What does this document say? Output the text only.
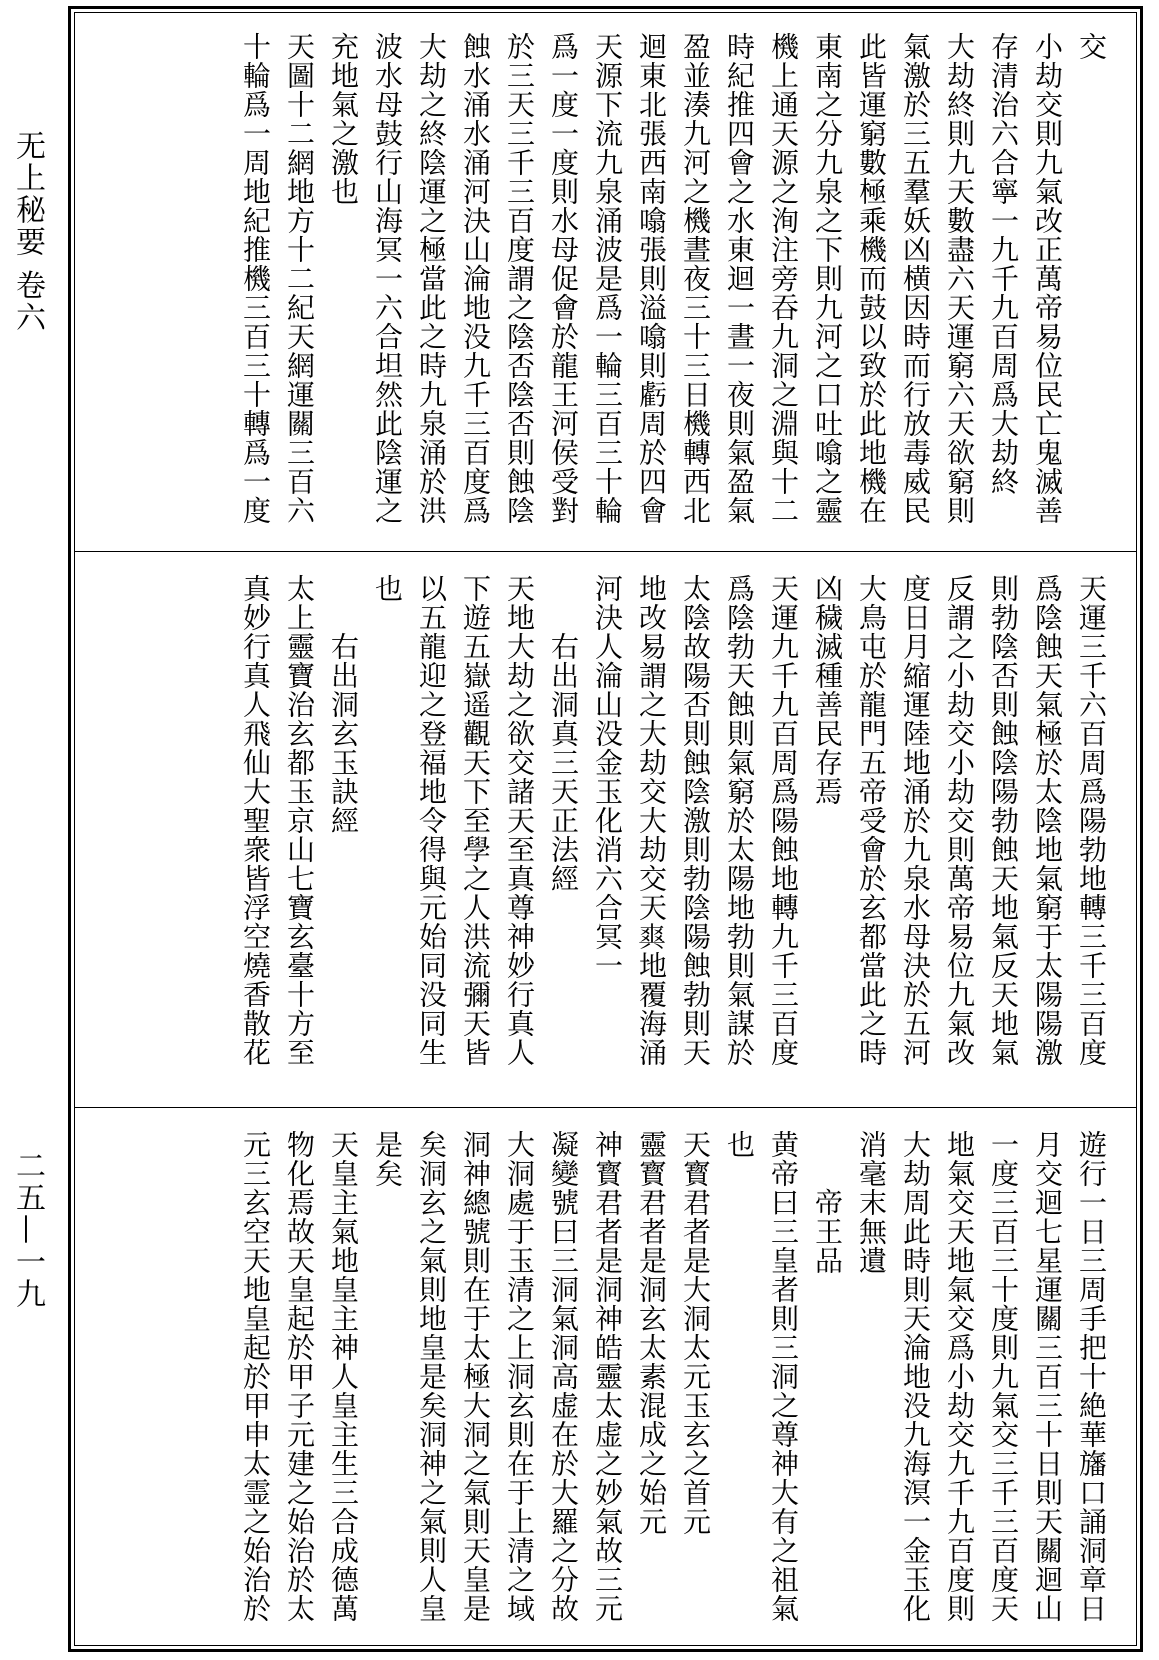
无上秘要 卷六
二五—一九
交
小劫交則九氣改正萬帝易位民亡鬼滅善
存清治六合寧一九千九百周爲大劫終
大劫終則九天數盡六天運窮六天欲窮則
氣激於三五羣妖凶横因時而行放毒威民
此皆運窮數極乘機而鼓以致於此地機在
東南之分九泉之下則九河之口吐噏之靈
機上通天源之洵注旁吞九洞之淵與十二
時紀推四會之水東迴一晝一夜則氣盈氣
盈並湊九河之機晝夜三十三日機轉西北
迴東北張西南噏張則溢噏則虧周於四會
天源下流九泉涌波是爲一輪三百三十輪
爲一度一度則水母促會於龍王河侯受對
於三天三千三百度謂之陰否陰否則蝕陰
蝕水涌水涌河決山淪地没九千三百度爲
大劫之終陰運之極當此之時九泉涌於洪
波水母鼓行山海冥一六合坦然此陰運之
充地氣之激也
天圖十二網地方十二紀天網運關三百六
十輪爲一周地紀推機三百三十轉爲一度
天運三千六百周爲陽勃地轉三千三百度
爲陰蝕天氣極於太陰地氣窮于太陽陽激
則勃陰否則蝕陰陽勃蝕天地氣反天地氣
反謂之小劫交小劫交則萬帝易位九氣改
度日月縮運陸地涌於九泉水母決於五河
大鳥屯於龍門五帝受會於玄都當此之時
凶穢滅種善民存焉
天運九千九百周爲陽蝕地轉九千三百度
爲陰勃天蝕則氣窮於太陽地勃則氣謀於
太陰故陽否則蝕陰激則勃陰陽蝕勃則天
地改易謂之大劫交大劫交天𤕤地覆海涌
河決人淪山没金玉化消六合冥一
　　右出洞真三天正法經
天地大劫之欲交諸天至真尊神妙行真人
下遊五嶽遥觀天下至學之人洪流彌天皆
以五龍迎之登福地令得與元始同没同生
也
　　右出洞玄玉訣經
太上靈寶治玄都玉京山七寶玄臺十方至
真妙行真人飛仙大聖衆皆浮空燒香散花
遊行一日三周手把十絶華旛口誦洞章日
月交迴七星運關三百三十日則天關迴山
一度三百三十度則九氣交三千三百度天
地氣交天地氣交爲小劫交九千九百度則
大劫周此時則天淪地没九海溟一金玉化
消毫末無遺
　　帝王品
黄帝曰三皇者則三洞之尊神大有之祖氣
也
天寳君者是大洞太元玉玄之首元
靈寳君者是洞玄太素混成之始元
神寳君者是洞神皓靈太虚之妙氣故三元
凝變號曰三洞氣洞高虚在於大羅之分故
大洞處于玉清之上洞玄則在于上清之域
洞神總號則在于太極大洞之氣則天皇是
矣洞玄之氣則地皇是矣洞神之氣則人皇
是矣
天皇主氣地皇主神人皇主生三合成德萬
物化焉故天皇起於甲子元建之始治於太
元三玄空天地皇起於甲申太霊之始治於
